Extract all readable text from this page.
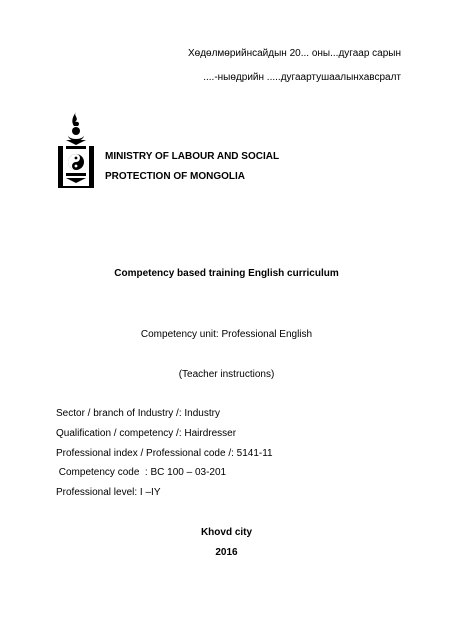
Хөдөлмөрийнсайдын 20... оны...дугаар сарын
....-ныөдрийн .....дугаартушаалынхавсралт
MINISTRY OF LABOUR AND SOCIAL
PROTECTION OF MONGOLIA
Competency based training English curriculum
Competency unit: Professional English
(Teacher instructions)
Sector / branch of Industry /: Industry
Qualification / competency /: Hairdresser
Professional index / Professional code /: 5141-11
Competency code  : BC 100 – 03-201
Professional level: I –IY
Khovd city
2016
